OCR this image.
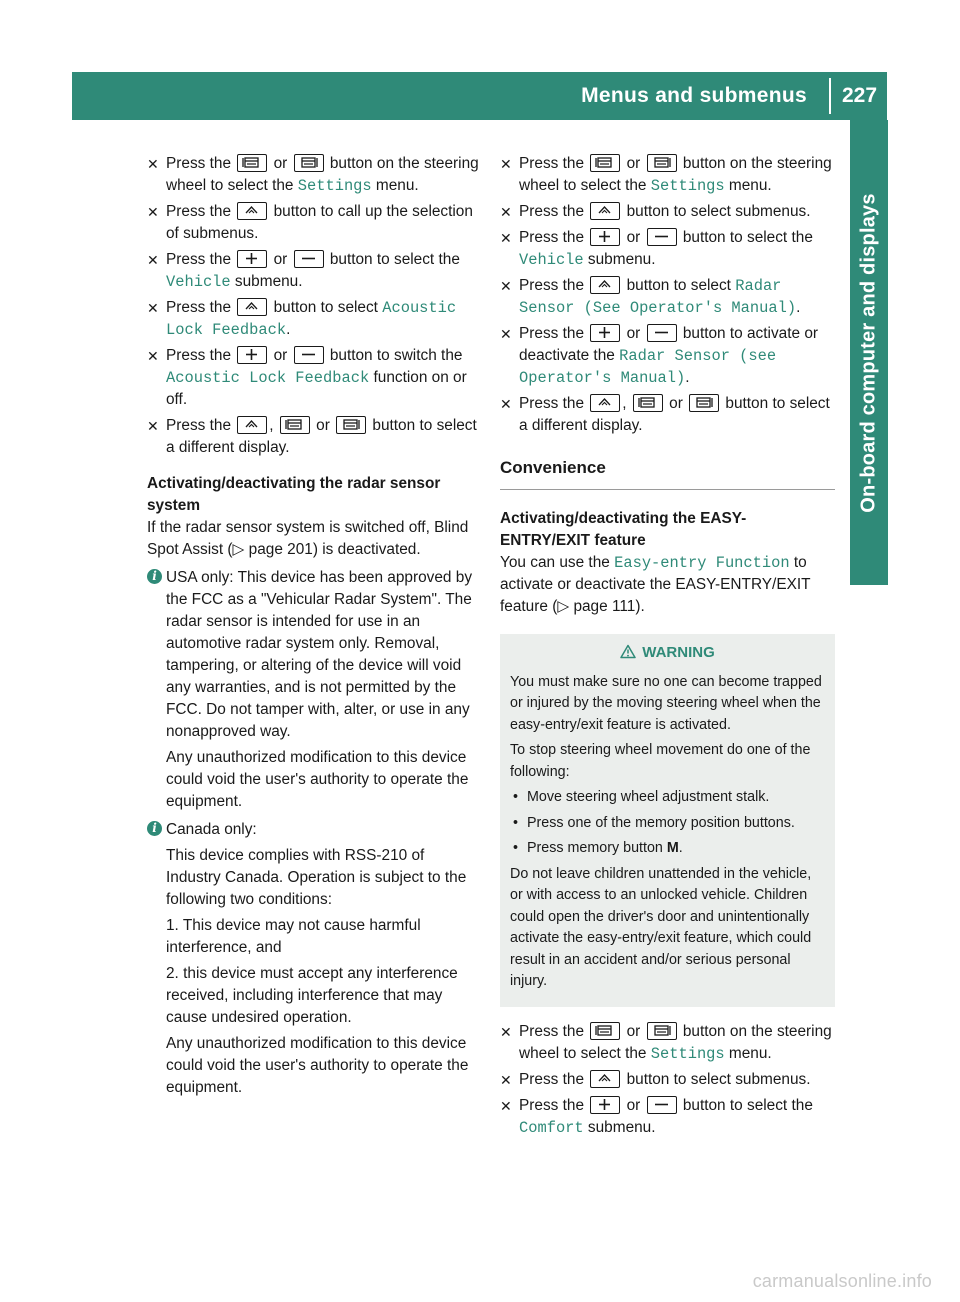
Menus and submenus	227
On-board computer and displays
✕ Press the
or
button on the steering wheel to select the Settings menu.
✕ Press the
button to call up the selection of submenus.
✕ Press the
or
button to select the Vehicle submenu.
✕ Press the
button to select Acoustic Lock Feedback.
✕ Press the
or
button to switch the Acoustic Lock Feedback function on or off.
✕ Press the
,
or
button to select a different display.
Activating/deactivating the radar sensor system

If the radar sensor system is switched off, Blind Spot Assist (▷ page 201) is deactivated.

i USA only: This device has been approved by the FCC as a "Vehicular Radar System". The radar sensor is intended for use in an automotive radar system only. Removal, tampering, or altering of the device will void any warranties, and is not permitted by the FCC. Do not tamper with, alter, or use in any nonapproved way.

Any unauthorized modification to this device could void the user's authority to operate the equipment.

i Canada only:

This device complies with RSS-210 of Industry Canada. Operation is subject to the following two conditions:

1. This device may not cause harmful interference, and

2. this device must accept any interference received, including interference that may cause undesired operation.

Any unauthorized modification to this device could void the user's authority to operate the equipment.

✕ Press the
or
button on the steering wheel to select the Settings menu.
✕ Press the
button to select submenus.
✕ Press the
or
button to select the Vehicle submenu.
✕ Press the
button to select Radar Sensor (See Operator's Manual).
✕ Press the
or
button to activate or deactivate the Radar Sensor (see Operator's Manual).
✕ Press the
,
or
button to select a different display.
Convenience
Activating/deactivating the EASY-ENTRY/EXIT feature

You can use the Easy-entry Function to activate or deactivate the EASY-ENTRY/EXIT feature (▷ page 111).

WARNING

You must make sure no one can become trapped or injured by the moving steering wheel when the easy-entry/exit feature is activated.

To stop steering wheel movement do one of the following:

• Move steering wheel adjustment stalk.
• Press one of the memory position buttons.
• Press memory button M.

Do not leave children unattended in the vehicle, or with access to an unlocked vehicle. Children could open the driver's door and unintentionally activate the easy-entry/exit feature, which could result in an accident and/or serious personal injury.

✕ Press the
or
button on the steering wheel to select the Settings menu.
✕ Press the
button to select submenus.
✕ Press the
or
button to select the Comfort submenu.
carmanualsonline.info
